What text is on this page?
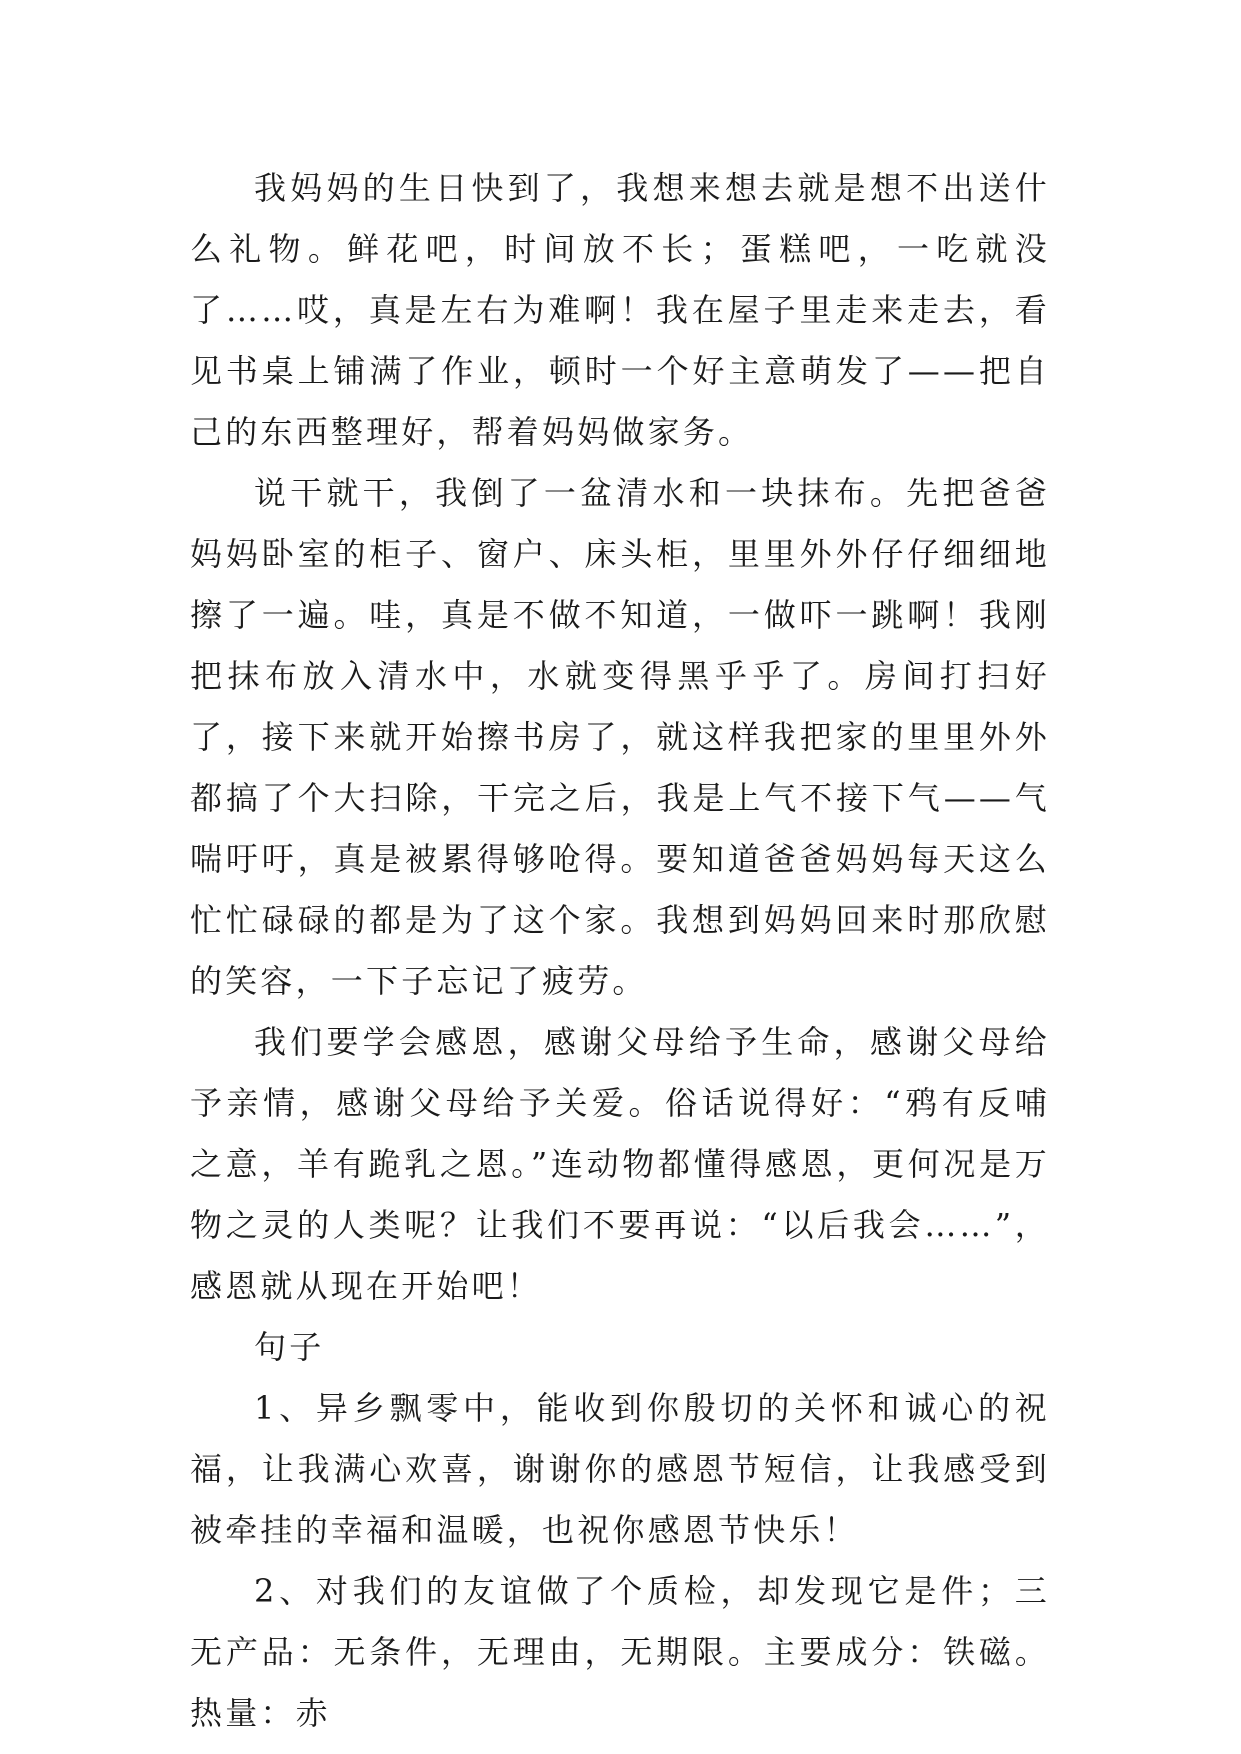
我妈妈的生日快到了，我想来想去就是想不出送什么礼物。鲜花吧，时间放不长；蛋糕吧，一吃就没了……哎，真是左右为难啊！我在屋子里走来走去，看见书桌上铺满了作业，顿时一个好主意萌发了——把自己的东西整理好，帮着妈妈做家务。

说干就干，我倒了一盆清水和一块抹布。先把爸爸妈妈卧室的柜子、窗户、床头柜，里里外外仔仔细细地擦了一遍。哇，真是不做不知道，一做吓一跳啊！我刚把抹布放入清水中，水就变得黑乎乎了。房间打扫好了，接下来就开始擦书房了，就这样我把家的里里外外都搞了个大扫除，干完之后，我是上气不接下气——气喘吁吁，真是被累得够呛得。要知道爸爸妈妈每天这么忙忙碌碌的都是为了这个家。我想到妈妈回来时那欣慰的笑容，一下子忘记了疲劳。

我们要学会感恩，感谢父母给予生命，感谢父母给予亲情，感谢父母给予关爱。俗话说得好：“鸦有反哺之意，羊有跪乳之恩。”连动物都懂得感恩，更何况是万物之灵的人类呢？让我们不要再说：“以后我会……”，感恩就从现在开始吧！

句子

1、异乡飘零中，能收到你殷切的关怀和诚心的祝福，让我满心欢喜，谢谢你的感恩节短信，让我感受到被牵挂的幸福和温暖，也祝你感恩节快乐！

2、对我们的友谊做了个质检，却发现它是件；三无产品：无条件，无理由，无期限。主要成分：铁磁。热量：赤
